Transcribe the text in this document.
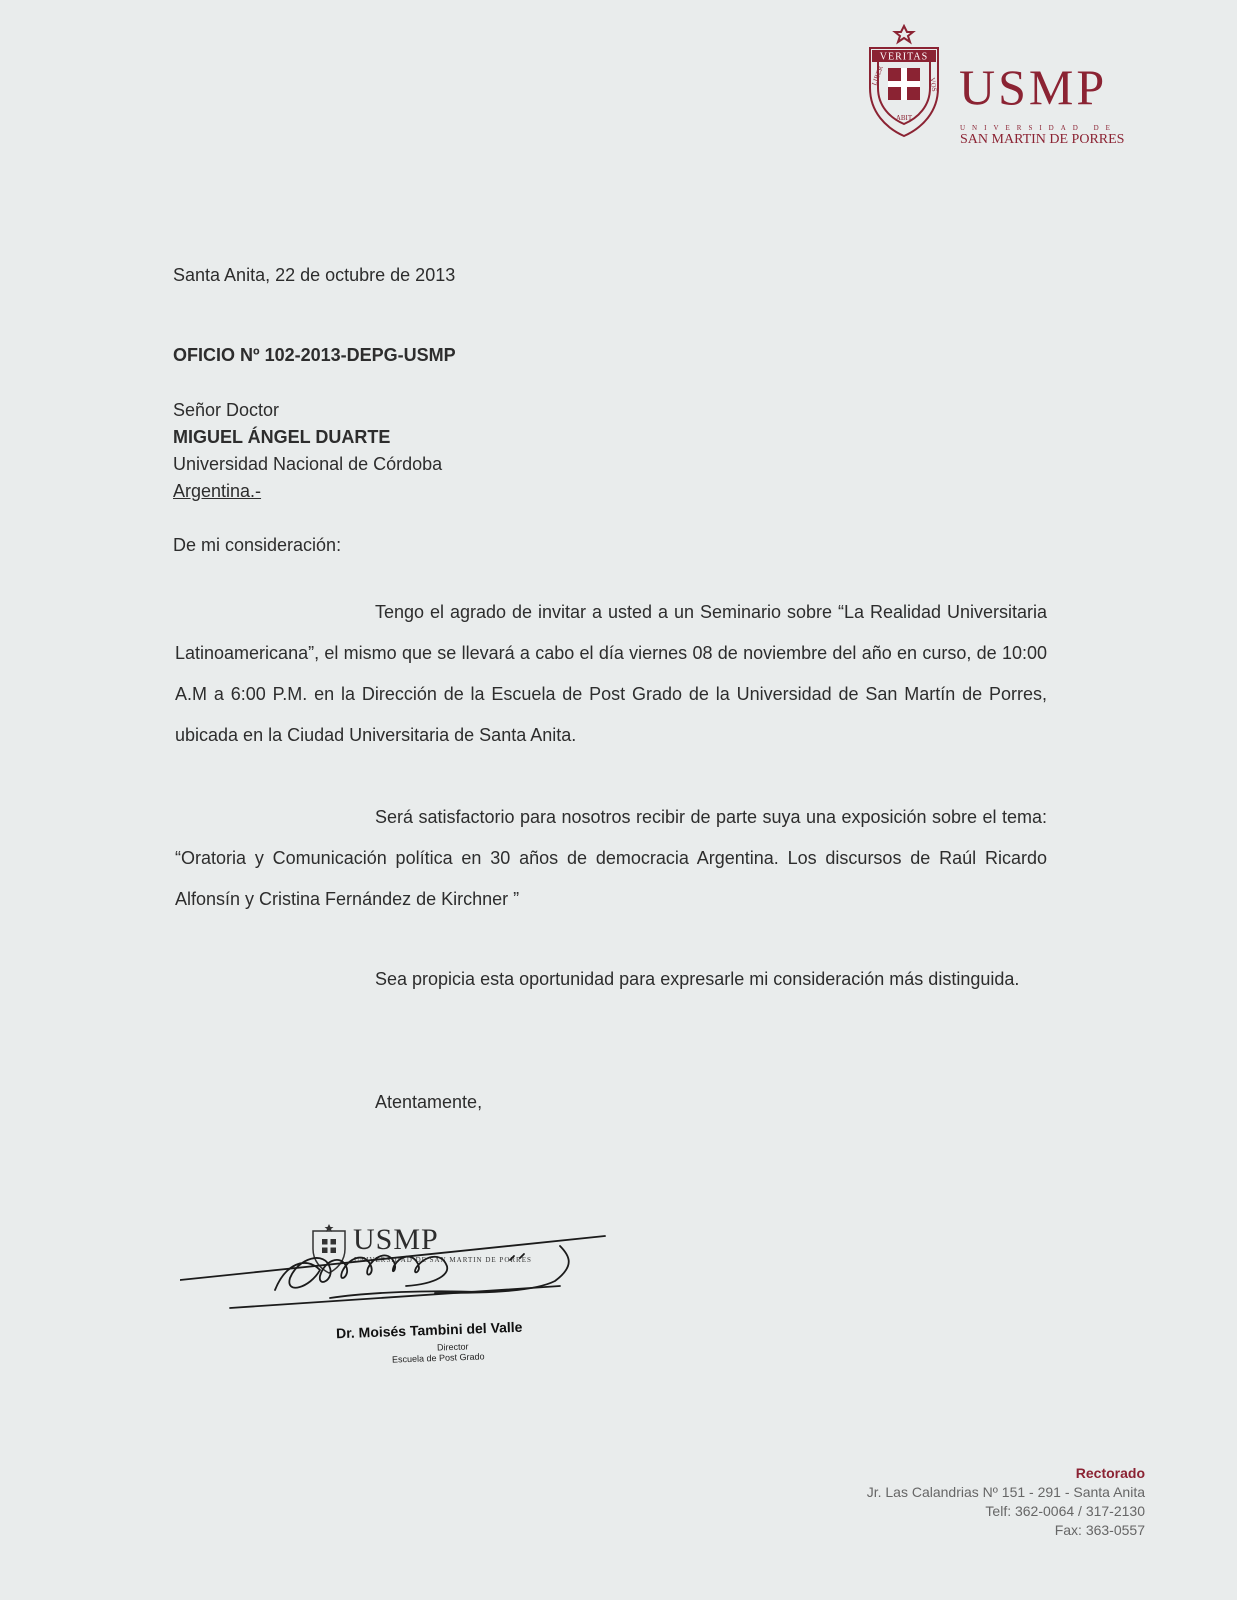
VERITAS
LIBER	VOS
ABIT
USMP
UNIVERSIDAD DE
SAN MARTIN DE PORRES
Santa Anita, 22 de octubre de 2013
OFICIO Nº 102-2013-DEPG-USMP
Señor Doctor
MIGUEL ÁNGEL DUARTE
Universidad Nacional de Córdoba
Argentina.-
De mi consideración:
Tengo el agrado de invitar a usted a un Seminario sobre “La Realidad Universitaria Latinoamericana”, el mismo que se llevará a cabo el día viernes 08 de noviembre del año en curso, de 10:00 A.M a 6:00 P.M. en la Dirección de la Escuela de Post Grado de la Universidad de San Martín de Porres, ubicada en la Ciudad Universitaria de Santa Anita.
Será satisfactorio para nosotros recibir de parte suya una exposición sobre el tema: “Oratoria y Comunicación política en 30 años de democracia Argentina. Los discursos de Raúl Ricardo Alfonsín y Cristina Fernández de Kirchner ”
Sea propicia esta oportunidad para expresarle mi consideración más distinguida.
Atentamente,
USMP
UNIVERSIDAD DE SAN MARTIN DE PORRES
Dr. Moisés Tambini del Valle
Director
Escuela de Post Grado
Rectorado
Jr. Las Calandrias Nº 151 - 291 - Santa Anita
Telf: 362-0064 / 317-2130
Fax: 363-0557
